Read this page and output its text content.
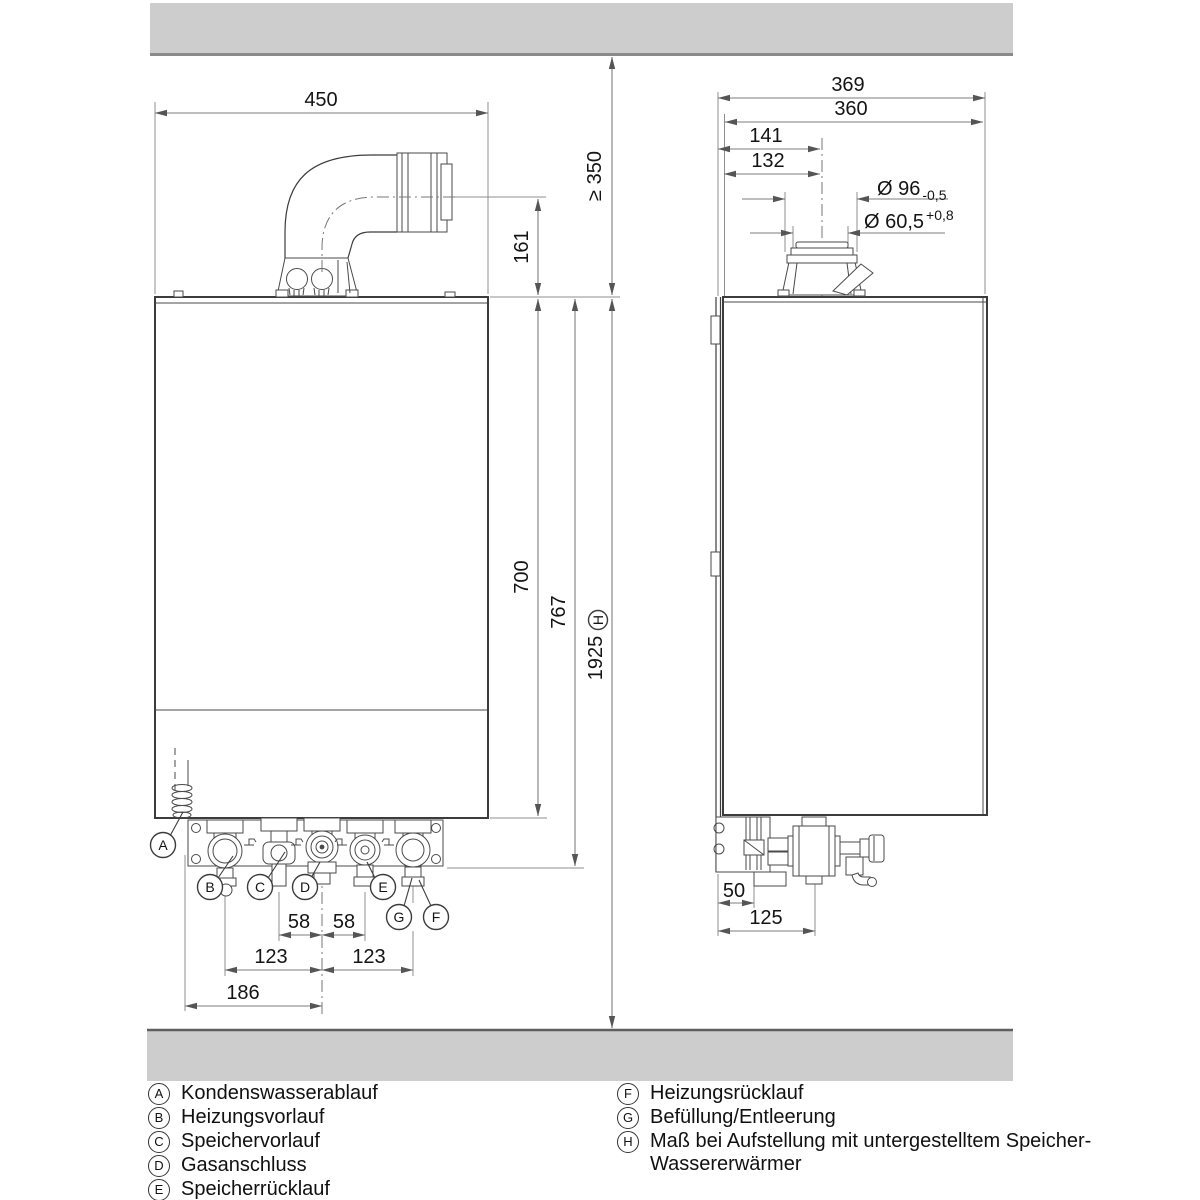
450
≥ 350
161
700
767
1925
H
58 58
123	123
186
A
B	C D	E
G F
369
360
141
132
Ø 96 $_{-0,5}$
Ø 60,5 $^{+0,8}$
50
125
A Kondenswasserablauf
B Heizungsvorlauf
C Speichervorlauf
D Gasanschluss
E Speicherrücklauf
F Heizungsrücklauf
G Befüllung/Entleerung
H Maß bei Aufstellung mit untergestelltem Speicher-Wassererwärmer
